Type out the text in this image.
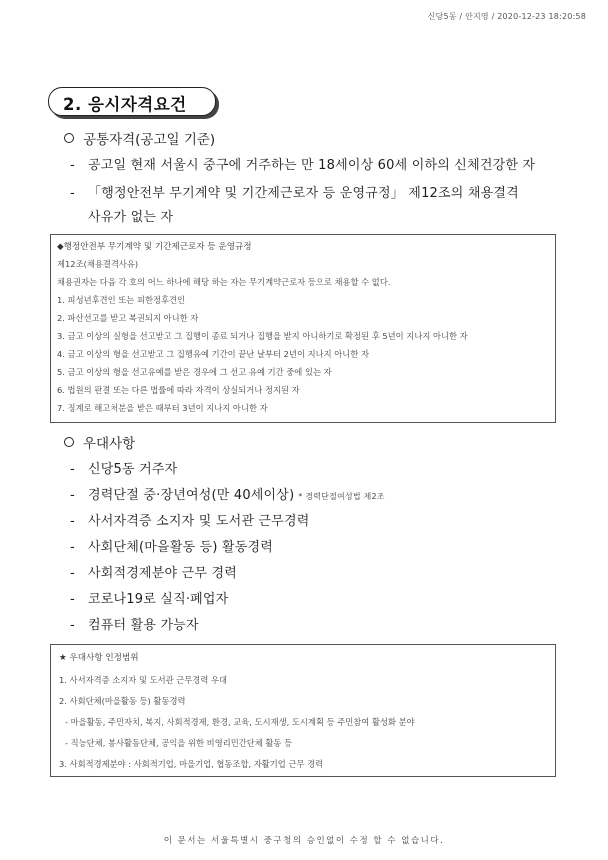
신당5동 / 안지영 / 2020-12-23 18:20:58
2. 응시자격요건
공통자격(공고일 기준)
- 공고일 현재 서울시 중구에 거주하는 만 18세이상 60세 이하의 신체건강한 자
- 「행정안전부 무기계약 및 기간제근로자 등 운영규정」 제12조의 채용결격
사유가 없는 자
◆행정안전부 무기계약 및 기간제근로자 등 운영규정
제12조(채용결격사유)
채용권자는 다음 각 호의 어느 하나에 해당 하는 자는 무기계약근로자 등으로 채용할 수 없다.
1. 피성년후견인 또는 피한정후견인
2. 파산선고를 받고 복권되지 아니한 자
3. 금고 이상의 실형을 선고받고 그 집행이 종료 되거나 집행을 받지 아니하기로 확정된 후 5년이 지나지 아니한 자
4. 금고 이상의 형을 선고받고 그 집행유예 기간이 끝난 날부터 2년이 지나지 아니한 자
5. 금고 이상의 형을 선고유예를 받은 경우에 그 선고 유예 기간 중에 있는 자
6. 법원의 판결 또는 다른 법률에 따라 자격이 상실되거나 정지된 자
7. 징계로 해고처분을 받은 때부터 3년이 지나지 아니한 자
우대사항
- 신당5동 거주자
- 경력단절 중·장년여성(만 40세이상) * 경력단절여성법 제2조
- 사서자격증 소지자 및 도서관 근무경력
- 사회단체(마을활동 등) 활동경력
- 사회적경제분야 근무 경력
- 코로나19로 실직·폐업자
- 컴퓨터 활용 가능자
★ 우대사항 인정범위
1. 사서자격증 소지자 및 도서관 근무경력 우대
2. 사회단체(마을활동 등) 활동경력
- 마을활동, 주민자치, 복지, 사회적경제, 환경, 교육, 도시재생, 도시계획 등 주민참여 활성화 분야
- 직능단체, 봉사활동단체, 공익을 위한 비영리민간단체 활동 등
3. 사회적경제분야 : 사회적기업, 마을기업, 협동조합, 자활기업 근무 경력
이 문서는 서울특별시 중구청의 승인없이 수정 할 수 없습니다.
